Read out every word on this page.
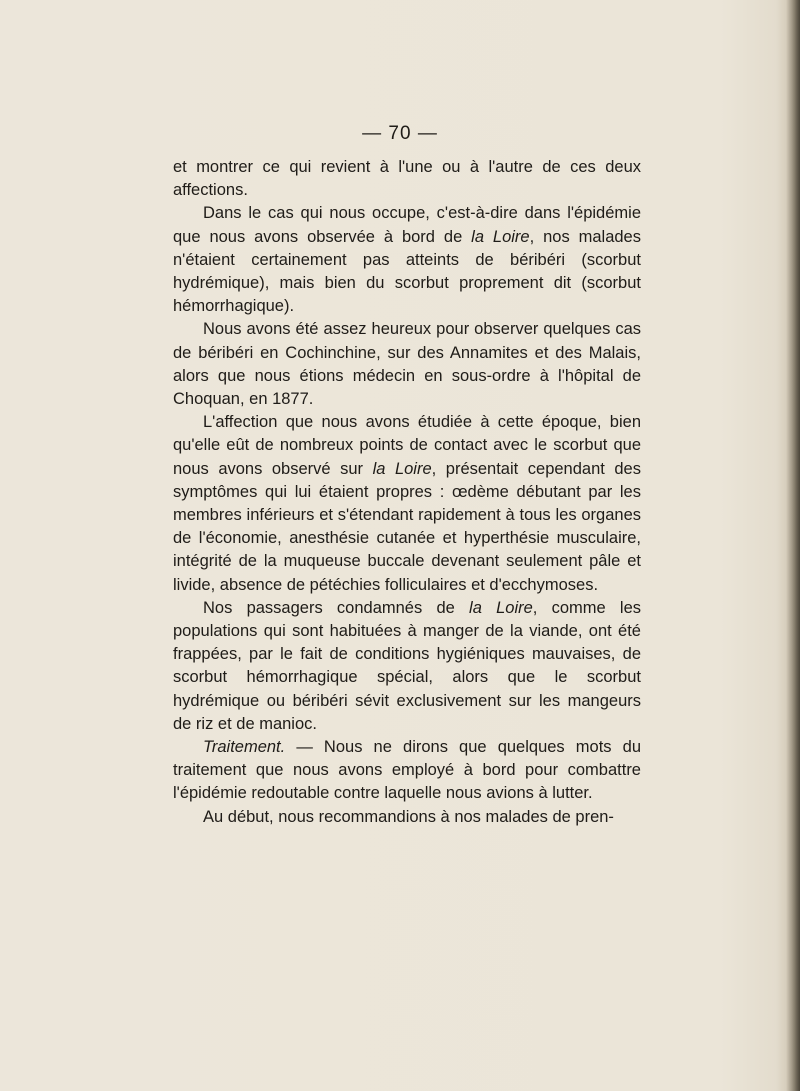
— 70 —

et montrer ce qui revient à l'une ou à l'autre de ces deux affections.

Dans le cas qui nous occupe, c'est-à-dire dans l'épidémie que nous avons observée à bord de la Loire, nos malades n'étaient certainement pas atteints de béribéri (scorbut hydrémique), mais bien du scorbut proprement dit (scorbut hémorrhagique).

Nous avons été assez heureux pour observer quelques cas de béribéri en Cochinchine, sur des Annamites et des Malais, alors que nous étions médecin en sous-ordre à l'hôpital de Choquan, en 1877.

L'affection que nous avons étudiée à cette époque, bien qu'elle eût de nombreux points de contact avec le scorbut que nous avons observé sur la Loire, présentait cependant des symptômes qui lui étaient propres : œdème débutant par les membres inférieurs et s'étendant rapidement à tous les organes de l'économie, anesthésie cutanée et hyperthésie musculaire, intégrité de la muqueuse buccale devenant seulement pâle et livide, absence de pétéchies folliculaires et d'ecchymoses.

Nos passagers condamnés de la Loire, comme les populations qui sont habituées à manger de la viande, ont été frappées, par le fait de conditions hygiéniques mauvaises, de scorbut hémorrhagique spécial, alors que le scorbut hydrémique ou béribéri sévit exclusivement sur les mangeurs de riz et de manioc.

Traitement. — Nous ne dirons que quelques mots du traitement que nous avons employé à bord pour combattre l'épidémie redoutable contre laquelle nous avions à lutter.

Au début, nous recommandions à nos malades de pren-
